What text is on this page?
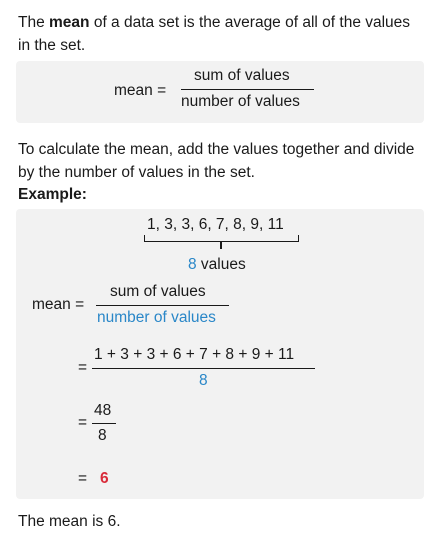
The mean of a data set is the average of all of the values in the set.

mean =
sum of values
number of values

To calculate the mean, add the values together and divide by the number of values in the set.

Example:
1, 3, 3, 6, 7, 8, 9, 11
8 values
mean =
sum of values
number of values
=
1 + 3 + 3 + 6 + 7 + 8 + 9 + 11
8
=
48
8
= 6

The mean is 6.
